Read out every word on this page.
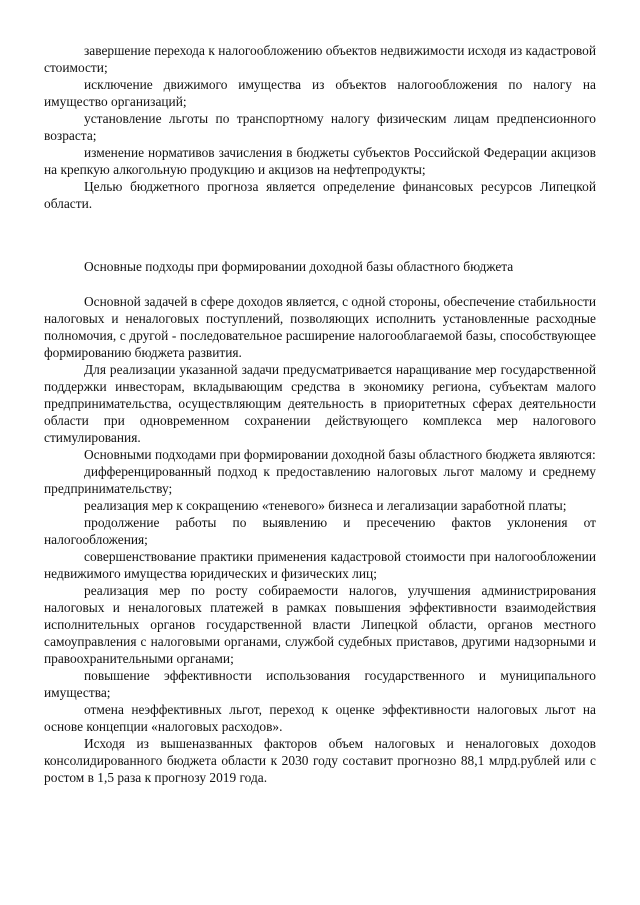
завершение перехода к налогообложению объектов недвижимости исходя из кадастровой стоимости;

исключение движимого имущества из объектов налогообложения по налогу на имущество организаций;

установление льготы по транспортному налогу физическим лицам предпенсионного возраста;

изменение нормативов зачисления в бюджеты субъектов Российской Федерации акцизов на крепкую алкогольную продукцию и акцизов на нефтепродукты;

Целью бюджетного прогноза является определение финансовых ресурсов Липецкой области.

Основные подходы при формировании доходной базы областного бюджета

Основной задачей в сфере доходов является, с одной стороны, обеспечение стабильности налоговых и неналоговых поступлений, позволяющих исполнить установленные расходные полномочия, с другой - последовательное расширение налогооблагаемой базы, способствующее формированию бюджета развития.

Для реализации указанной задачи предусматривается наращивание мер государственной поддержки инвесторам, вкладывающим средства в экономику региона, субъектам малого предпринимательства, осуществляющим деятельность в приоритетных сферах деятельности области при одновременном сохранении действующего комплекса мер налогового стимулирования.

Основными подходами при формировании доходной базы областного бюджета являются:

дифференцированный подход к предоставлению налоговых льгот малому и среднему предпринимательству;

реализация мер к сокращению «теневого» бизнеса и легализации заработной платы;

продолжение работы по выявлению и пресечению фактов уклонения от налогообложения;

совершенствование практики применения кадастровой стоимости при налогообложении недвижимого имущества юридических и физических лиц;

реализация мер по росту собираемости налогов, улучшения администрирования налоговых и неналоговых платежей в рамках повышения эффективности взаимодействия исполнительных органов государственной власти Липецкой области, органов местного самоуправления с налоговыми органами, службой судебных приставов, другими надзорными и правоохранительными органами;

повышение эффективности использования государственного и муниципального имущества;

отмена неэффективных льгот, переход к оценке эффективности налоговых льгот на основе концепции «налоговых расходов».

Исходя из вышеназванных факторов объем налоговых и неналоговых доходов консолидированного бюджета области к 2030 году составит прогнозно 88,1 млрд.рублей или с ростом в 1,5 раза к прогнозу 2019 года.
